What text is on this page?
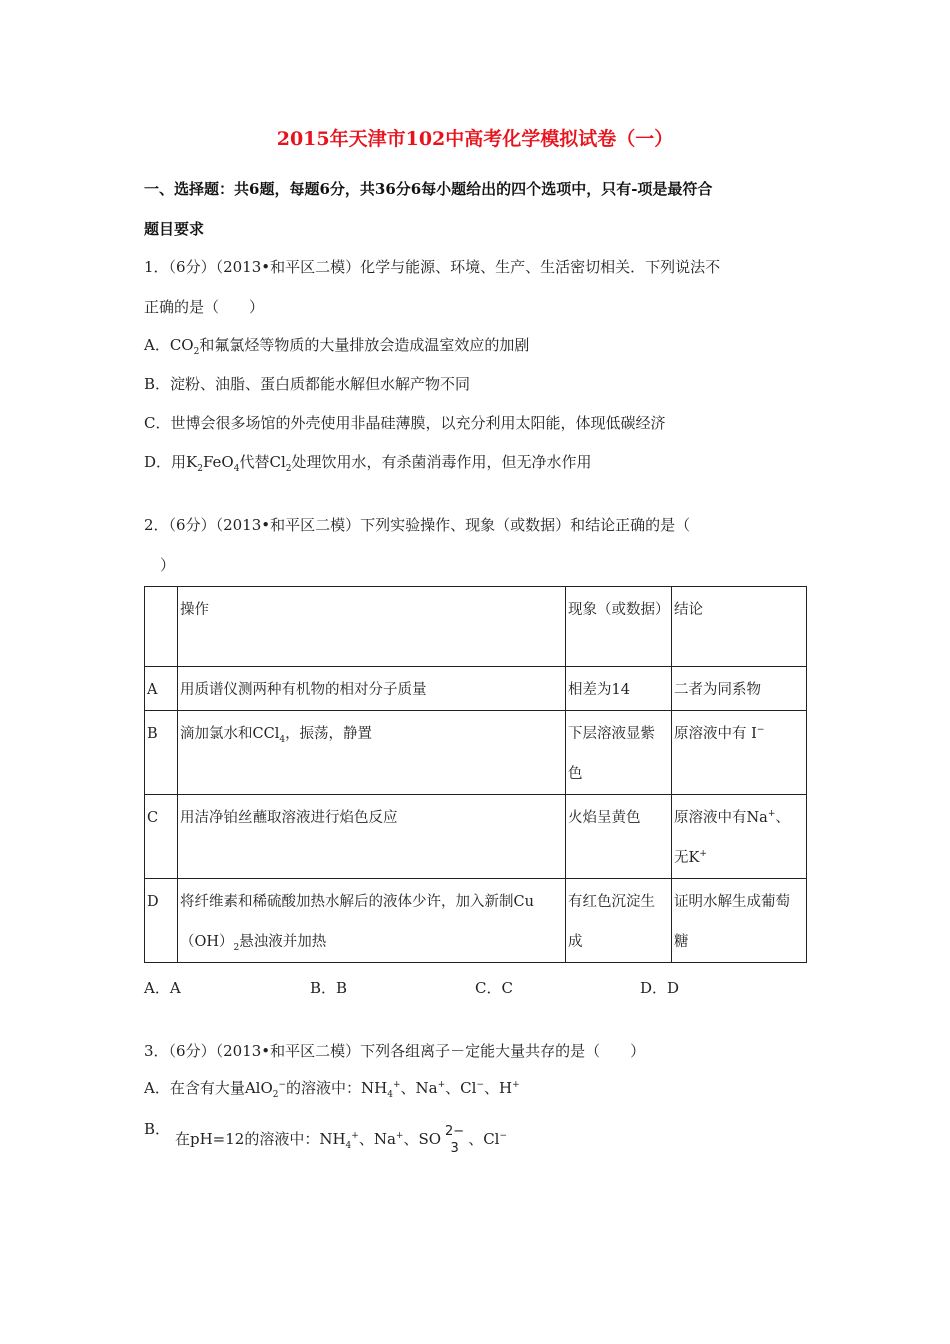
2015年天津市102中高考化学模拟试卷（一）
一、选择题：共6题，每题6分，共36分6每小题给出的四个选项中，只有-项是最符合
题目要求
1．（6分）（2013•和平区二模）化学与能源、环境、生产、生活密切相关．下列说法不
正确的是（　　）
A．$CO_2$和氟氯烃等物质的大量排放会造成温室效应的加剧
B．淀粉、油脂、蛋白质都能水解但水解产物不同
C．世博会很多场馆的外壳使用非晶硅薄膜，以充分利用太阳能，体现低碳经济
D．用$K_2FeO_4$代替$Cl_2$处理饮用水，有杀菌消毒作用，但无净水作用
2．（6分）（2013•和平区二模）下列实验操作、现象（或数据）和结论正确的是（
）
	操作	现象（或数据）	结论
A	用质谱仪测两种有机物的相对分子质量	相差为14	二者为同系物
B	滴加氯水和CCl$_4$，振荡，静置	下层溶液显紫色	原溶液中有 I−
C	用洁净铂丝蘸取溶液进行焰色反应	火焰呈黄色	原溶液中有Na+、无K+
D	将纤维素和稀硫酸加热水解后的液体少许，加入新制$Cu(OH)_2$悬浊液并加热	有红色沉淀生成	证明水解生成葡萄糖
A．A	B．B	C．C	D．D
3．（6分）（2013•和平区二模）下列各组离子－定能大量共存的是（　　）
A．在含有大量AlO$_2$−的溶液中：$NH_4^+$、Na+、Cl−、H+
B．
在pH=12的溶液中：$NH_4^+$、Na+、SO 2−
3
、Cl−
